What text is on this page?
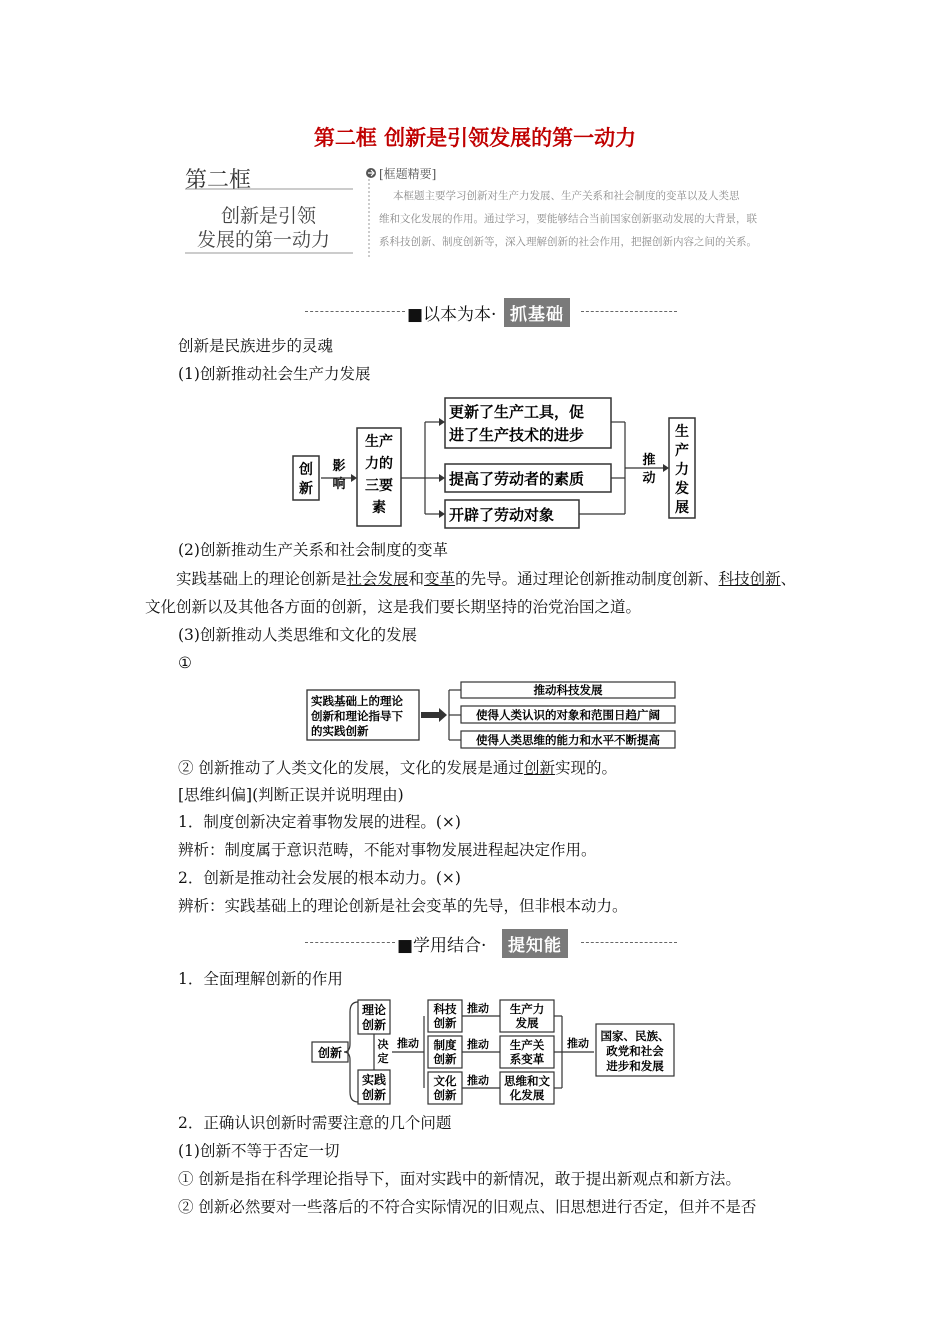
第二框 创新是引领发展的第一动力
第二框
创新是引领
发展的第一动力
[框题精要]
本框题主要学习创新对生产力发展、生产关系和社会制度的变革以及人类思
维和文化发展的作用。通过学习，要能够结合当前国家创新驱动发展的大背景，联
系科技创新、制度创新等，深入理解创新的社会作用，把握创新内容之间的关系。
■以本为本· 抓基础
创新是民族进步的灵魂
(1)创新推动社会生产力发展
创
新
影
响
生产
力的
三要
素
更新了生产工具，促
进了生产技术的进步
提高了劳动者的素质
开辟了劳动对象
推
动
生
产
力
发
展
(2)创新推动生产关系和社会制度的变革
实践基础上的理论创新是社会发展和变革的先导。通过理论创新推动制度创新、科技创新、文化创新以及其他各方面的创新，这是我们要长期坚持的治党治国之道。
(3)创新推动人类思维和文化的发展
①
实践基础上的理论
创新和理论指导下
的实践创新
推动科技发展
使得人类认识的对象和范围日趋广阔
使得人类思维的能力和水平不断提高
② 创新推动了人类文化的发展，文化的发展是通过创新实现的。
[思维纠偏](判断正误并说明理由)
1．制度创新决定着事物发展的进程。(×)
辨析：制度属于意识范畴，不能对事物发展进程起决定作用。
2．创新是推动社会发展的根本动力。(×)
辨析：实践基础上的理论创新是社会变革的先导，但非根本动力。
■学用结合·	提知能
1．全面理解创新的作用
创新
理论
创新
决
定
实践
创新
推动
科技
创新
制度
创新
文化
创新
推动
推动
推动
生产力
发展
生产关
系变革
思维和文
化发展
推动
国家、民族、
政党和社会
进步和发展
2．正确认识创新时需要注意的几个问题
(1)创新不等于否定一切
① 创新是指在科学理论指导下，面对实践中的新情况，敢于提出新观点和新方法。
② 创新必然要对一些落后的不符合实际情况的旧观点、旧思想进行否定，但并不是否
